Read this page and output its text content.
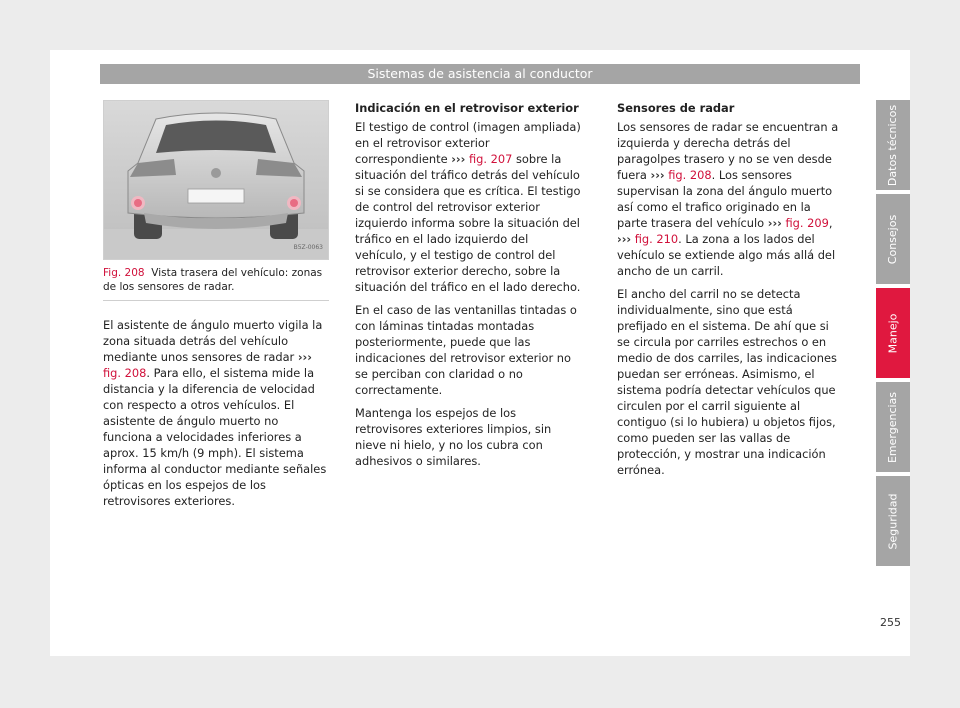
Sistemas de asistencia al conductor
B5Z-0063
Fig. 208 Vista trasera del vehículo: zonas de los sensores de radar.

El asistente de ángulo muerto vigila la zona situada detrás del vehículo mediante unos sensores de radar ››› fig. 208. Para ello, el sistema mide la distancia y la diferencia de velocidad con respecto a otros vehículos. El asistente de ángulo muerto no funciona a velocidades inferiores a aprox. 15 km/h (9 mph). El sistema informa al conductor mediante señales ópticas en los espejos de los retrovisores exteriores.

Indicación en el retrovisor exterior

El testigo de control (imagen ampliada) en el retrovisor exterior correspondiente ››› fig. 207 sobre la situación del tráfico detrás del vehículo si se considera que es crítica. El testigo de control del retrovisor exterior izquierdo informa sobre la situación del tráfico en el lado izquierdo del vehículo, y el testigo de control del retrovisor exterior derecho, sobre la situación del tráfico en el lado derecho.

En el caso de las ventanillas tintadas o con láminas tintadas montadas posteriormente, puede que las indicaciones del retrovisor exterior no se perciban con claridad o no correctamente.

Mantenga los espejos de los retrovisores exteriores limpios, sin nieve ni hielo, y no los cubra con adhesivos o similares.

Sensores de radar

Los sensores de radar se encuentran a izquierda y derecha detrás del paragolpes trasero y no se ven desde fuera ››› fig. 208. Los sensores supervisan la zona del ángulo muerto así como el trafico originado en la parte trasera del vehículo ››› fig. 209, ››› fig. 210. La zona a los lados del vehículo se extiende algo más allá del ancho de un carril.

El ancho del carril no se detecta individualmente, sino que está prefijado en el sistema. De ahí que si se circula por carriles estrechos o en medio de dos carriles, las indicaciones puedan ser erróneas. Asimismo, el sistema podría detectar vehículos que circulen por el carril siguiente al contiguo (si lo hubiera) u objetos fijos, como pueden ser las vallas de protección, y mostrar una indicación errónea.

Datos técnicos
Consejos
Manejo
Emergencias
Seguridad
255
